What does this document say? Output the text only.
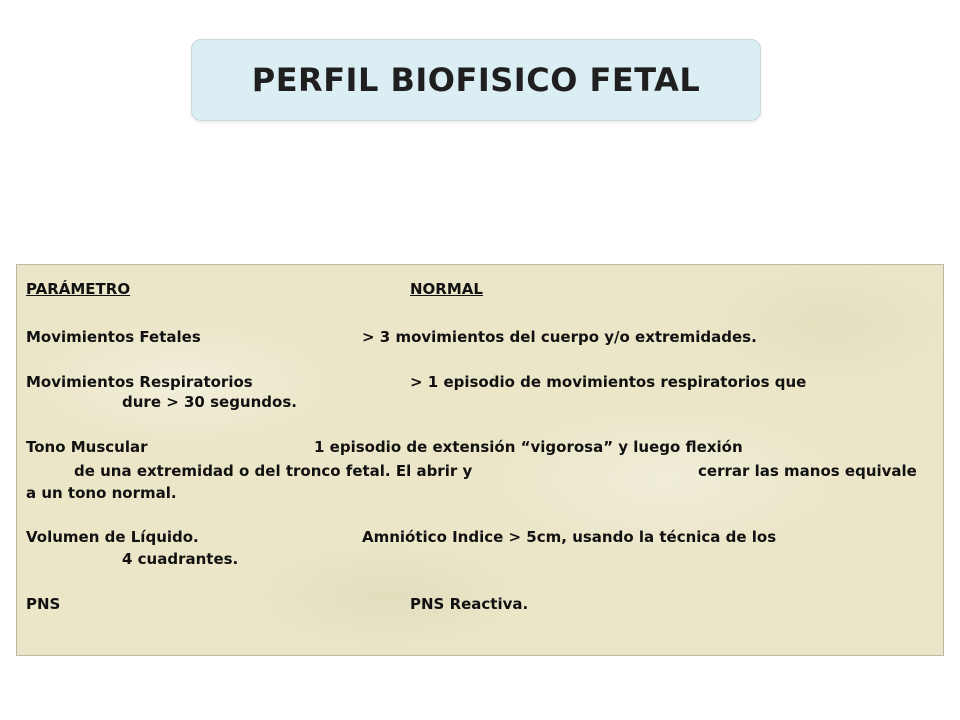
PERFIL BIOFISICO FETAL
PARÁMETRO	NORMAL
Movimientos Fetales	> 3 movimientos del cuerpo y/o extremidades.
Movimientos Respiratorios	> 1 episodio de movimientos respiratorios que
dure > 30 segundos.
Tono Muscular	1 episodio de extensión “vigorosa” y luego flexión
de una extremidad o del tronco fetal. El abrir y	cerrar las manos equivale
a un tono normal.
Volumen de Líquido.	Amniótico Indice > 5cm, usando la técnica de los
4 cuadrantes.
PNS	PNS Reactiva.
